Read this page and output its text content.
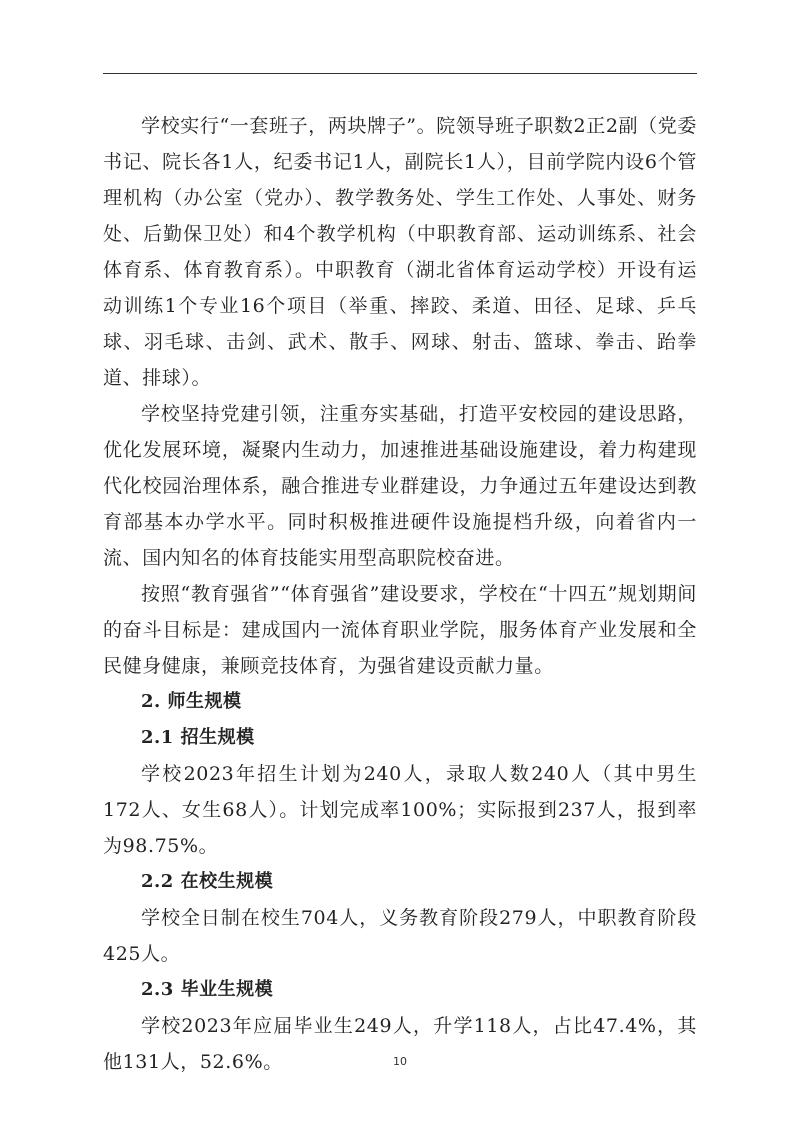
学校实行“一套班子，两块牌子”。院领导班子职数2正2副（党委书记、院长各1人，纪委书记1人，副院长1人），目前学院内设6个管理机构（办公室（党办）、教学教务处、学生工作处、人事处、财务处、后勤保卫处）和4个教学机构（中职教育部、运动训练系、社会体育系、体育教育系）。中职教育（湖北省体育运动学校）开设有运动训练1个专业16个项目（举重、摔跤、柔道、田径、足球、乒乓球、羽毛球、击剑、武术、散手、网球、射击、篮球、拳击、跆拳道、排球）。

学校坚持党建引领，注重夯实基础，打造平安校园的建设思路，优化发展环境，凝聚内生动力，加速推进基础设施建设，着力构建现代化校园治理体系，融合推进专业群建设，力争通过五年建设达到教育部基本办学水平。同时积极推进硬件设施提档升级，向着省内一流、国内知名的体育技能实用型高职院校奋进。

按照“教育强省”“体育强省”建设要求，学校在“十四五”规划期间的奋斗目标是：建成国内一流体育职业学院，服务体育产业发展和全民健身健康，兼顾竞技体育，为强省建设贡献力量。

2. 师生规模

2.1 招生规模

学校2023年招生计划为240人，录取人数240人（其中男生172人、女生68人）。计划完成率100%；实际报到237人，报到率为98.75%。

2.2 在校生规模

学校全日制在校生704人，义务教育阶段279人，中职教育阶段425人。

2.3 毕业生规模

学校2023年应届毕业生249人，升学118人，占比47.4%，其他131人，52.6%。	10
